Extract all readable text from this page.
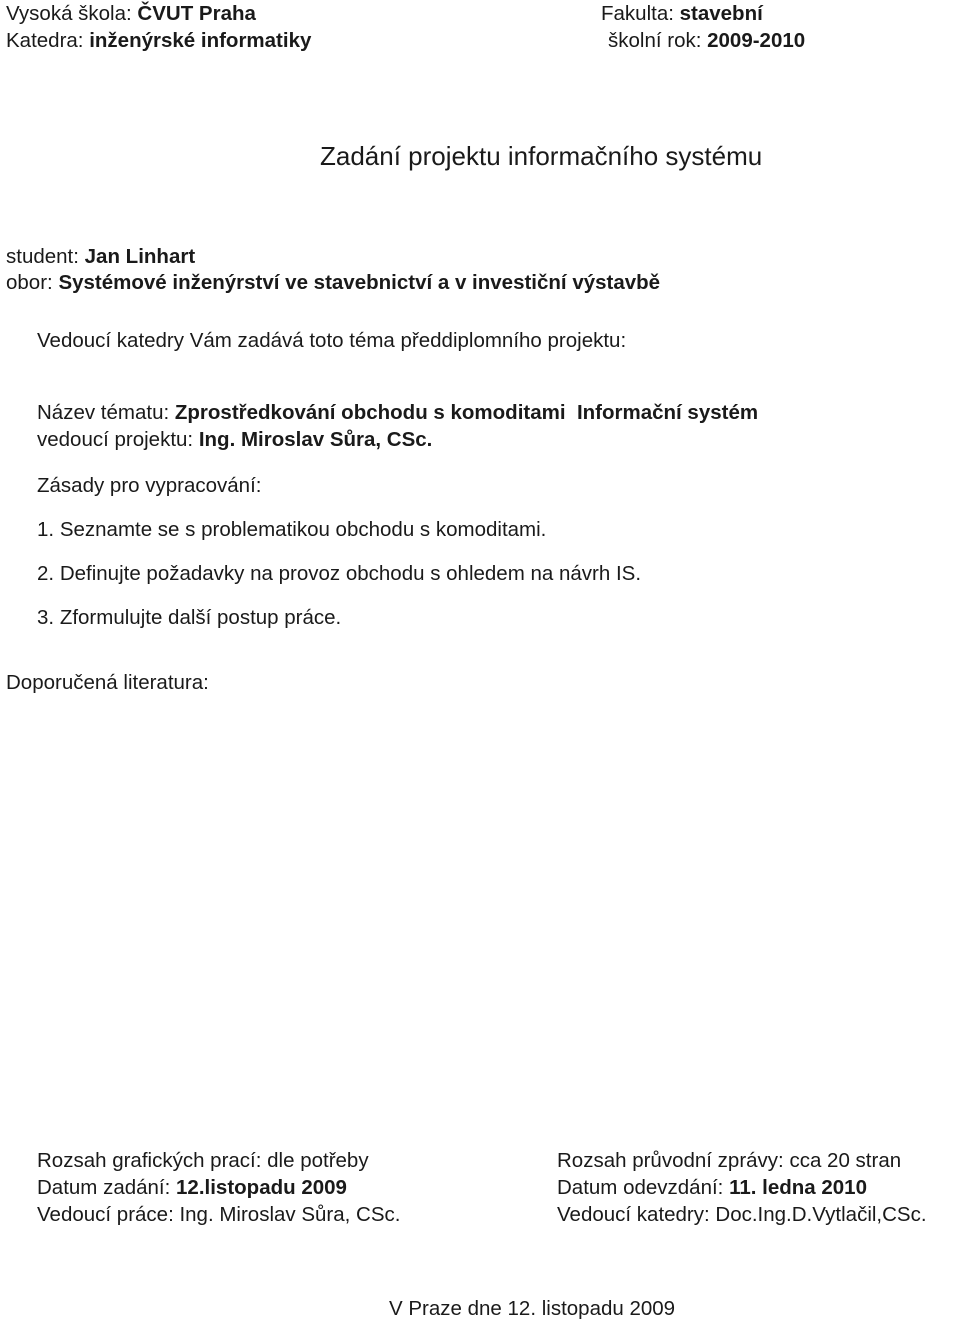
Vysoká škola: ČVUT Praha	Fakulta: stavební
Katedra: inženýrské informatiky	školní rok: 2009-2010
Zadání projektu informačního systému
student: Jan Linhart
obor: Systémové inženýrství ve stavebnictví a v investiční výstavbě
Vedoucí katedry Vám zadává toto téma předdiplomního projektu:
Název tématu: Zprostředkování obchodu s komoditami  Informační systém
vedoucí projektu: Ing. Miroslav Sůra, CSc.
Zásady pro vypracování:
1. Seznamte se s problematikou obchodu s komoditami.
2. Definujte požadavky na provoz obchodu s ohledem na návrh IS.
3. Zformulujte další postup práce.
Doporučená literatura:
Rozsah grafických prací: dle potřeby	Rozsah průvodní zprávy: cca 20 stran
Datum zadání: 12.listopadu 2009	Datum odevzdání: 11. ledna 2010
Vedoucí práce: Ing. Miroslav Sůra, CSc.	Vedoucí katedry: Doc.Ing.D.Vytlačil,CSc.
V Praze dne 12. listopadu 2009
